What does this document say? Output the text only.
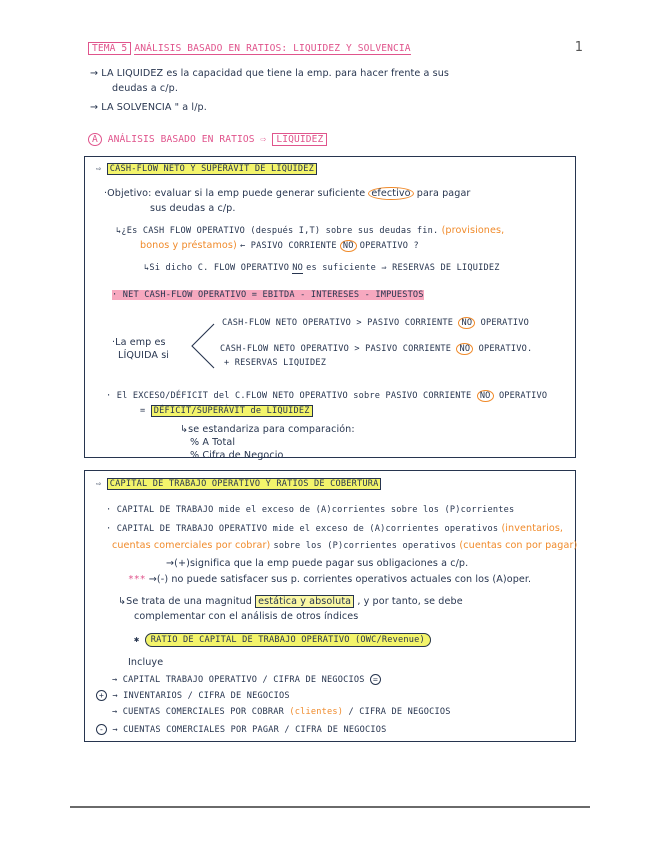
1
TEMA 5 ANÁLISIS BASADO EN RATIOS: LIQUIDEZ Y SOLVENCIA
→ LA LIQUIDEZ es la capacidad que tiene la emp. para hacer frente a sus
deudas a c/p.
→ LA SOLVENCIA " a l/p.
A ANÁLISIS BASADO EN RATIOS ⇨ LIQUIDEZ
⇨ CASH-FLOW NETO Y SUPERÁVIT DE LIQUIDEZ
·Objetivo: evaluar si la emp puede generar suficiente efectivo para pagar
sus deudas a c/p.
↳¿Es CASH FLOW OPERATIVO (después I,T) sobre sus deudas fin. (provisiones,
bonos y préstamos) ← PASIVO CORRIENTE NO OPERATIVO ?
↳Si dicho C. FLOW OPERATIVO NO es suficiente ⇒ RESERVAS DE LIQUIDEZ
· NET CASH-FLOW OPERATIVO = EBITDA - INTERESES - IMPUESTOS
·La emp es
LÍQUIDA si
CASH-FLOW NETO OPERATIVO > PASIVO CORRIENTE NO OPERATIVO
CASH-FLOW NETO OPERATIVO > PASIVO CORRIENTE NO OPERATIVO.
+ RESERVAS LIQUIDEZ
· El EXCESO/DÉFICIT del C.FLOW NETO OPERATIVO sobre PASIVO CORRIENTE NO OPERATIVO
= DÉFICIT/SUPERÁVIT de LIQUIDEZ
↳se estandariza para comparación:
% A Total
% Cifra de Negocio
⇨ CAPITAL DE TRABAJO OPERATIVO Y RATIOS DE COBERTURA
· CAPITAL DE TRABAJO mide el exceso de (A)corrientes sobre los (P)corrientes
· CAPITAL DE TRABAJO OPERATIVO mide el exceso de (A)corrientes operativos (inventarios,
cuentas comerciales por cobrar) sobre los (P)corrientes operativos (cuentas con por pagar)
→(+)significa que la emp puede pagar sus obligaciones a c/p.
*** →(-) no puede satisfacer sus p. corrientes operativos actuales con los (A)oper.
↳Se trata de una magnitud estática y absoluta , y por tanto, se debe
complementar con el análisis de otros índices
✱ RATIO DE CAPITAL DE TRABAJO OPERATIVO (OWC/Revenue)
Incluye
→ CAPITAL TRABAJO OPERATIVO / CIFRA DE NEGOCIOS =
+ → INVENTARIOS / CIFRA DE NEGOCIOS
→ CUENTAS COMERCIALES POR COBRAR (clientes) / CIFRA DE NEGOCIOS
- → CUENTAS COMERCIALES POR PAGAR / CIFRA DE NEGOCIOS
